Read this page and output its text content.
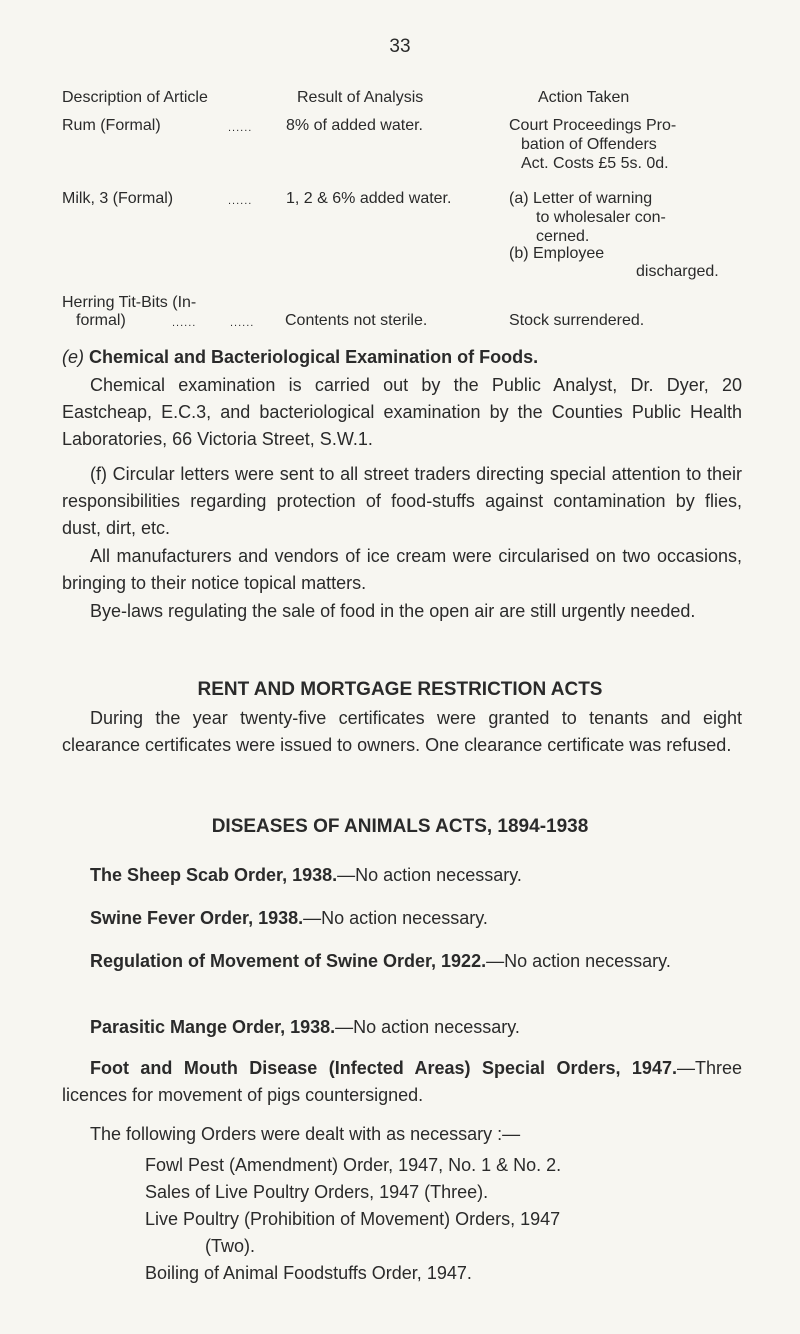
33
Description of Article	Result of Analysis	Action Taken
Rum (Formal)	...... 8% of added water.	Court Proceedings Pro-
bation of Offenders
Act. Costs £5 5s. 0d.
Milk, 3 (Formal)	...... 1, 2 & 6% added water.	(a) Letter of warning
to wholesaler con-
cerned.
(b) Employee
discharged.
Herring Tit-Bits (In-
formal)	......	...... Contents not sterile.	Stock surrendered.
(e) Chemical and Bacteriological Examination of Foods.
Chemical examination is carried out by the Public Analyst, Dr. Dyer, 20 Eastcheap, E.C.3, and bacteriological examination by the Counties Public Health Laboratories, 66 Victoria Street, S.W.1.
(f) Circular letters were sent to all street traders directing special attention to their responsibilities regarding protection of food-stuffs against contamination by flies, dust, dirt, etc.
All manufacturers and vendors of ice cream were circularised on two occasions, bringing to their notice topical matters.
Bye-laws regulating the sale of food in the open air are still urgently needed.
RENT AND MORTGAGE RESTRICTION ACTS
During the year twenty-five certificates were granted to tenants and eight clearance certificates were issued to owners. One clearance certificate was refused.
DISEASES OF ANIMALS ACTS, 1894-1938
The Sheep Scab Order, 1938.—No action necessary.
Swine Fever Order, 1938.—No action necessary.
Regulation of Movement of Swine Order, 1922.—No action necessary.
Parasitic Mange Order, 1938.—No action necessary.
Foot and Mouth Disease (Infected Areas) Special Orders, 1947.—Three licences for movement of pigs countersigned.
The following Orders were dealt with as necessary :—
Fowl Pest (Amendment) Order, 1947, No. 1 & No. 2.
Sales of Live Poultry Orders, 1947 (Three).
Live Poultry (Prohibition of Movement) Orders, 1947
(Two).
Boiling of Animal Foodstuffs Order, 1947.
